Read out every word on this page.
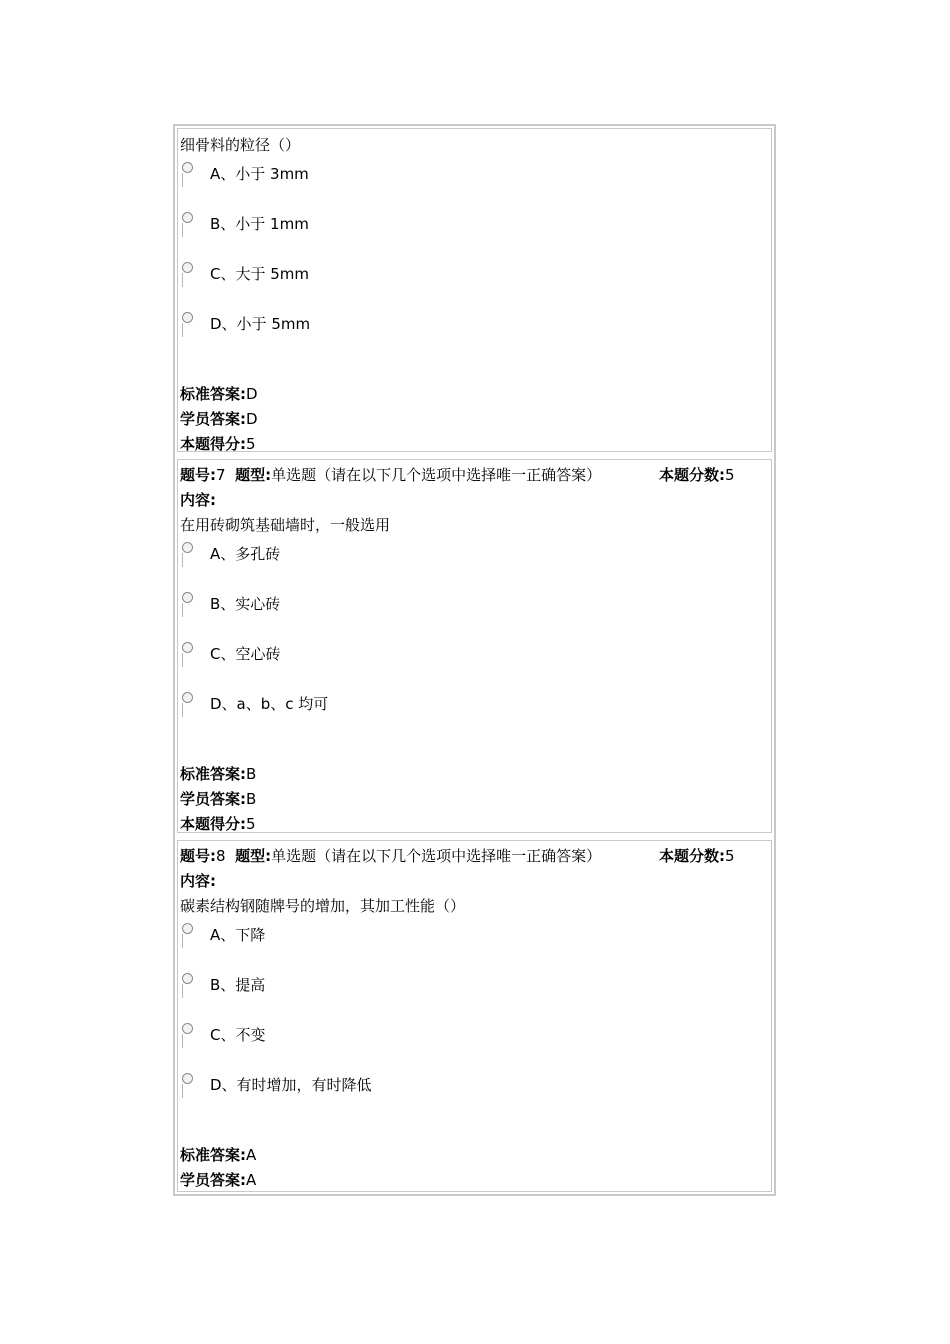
细骨料的粒径（）
A、小于 3mm
B、小于 1mm
C、大于 5mm
D、小于 5mm
标准答案:D
学员答案:D
本题得分:5
题号:7 题型:单选题（请在以下几个选项中选择唯一正确答案）	本题分数:5
内容:
在用砖砌筑基础墙时，一般选用
A、多孔砖
B、实心砖
C、空心砖
D、a、b、c 均可
标准答案:B
学员答案:B
本题得分:5
题号:8 题型:单选题（请在以下几个选项中选择唯一正确答案）	本题分数:5
内容:
碳素结构钢随牌号的增加，其加工性能（）
A、下降
B、提高
C、不变
D、有时增加，有时降低
标准答案:A
学员答案:A
